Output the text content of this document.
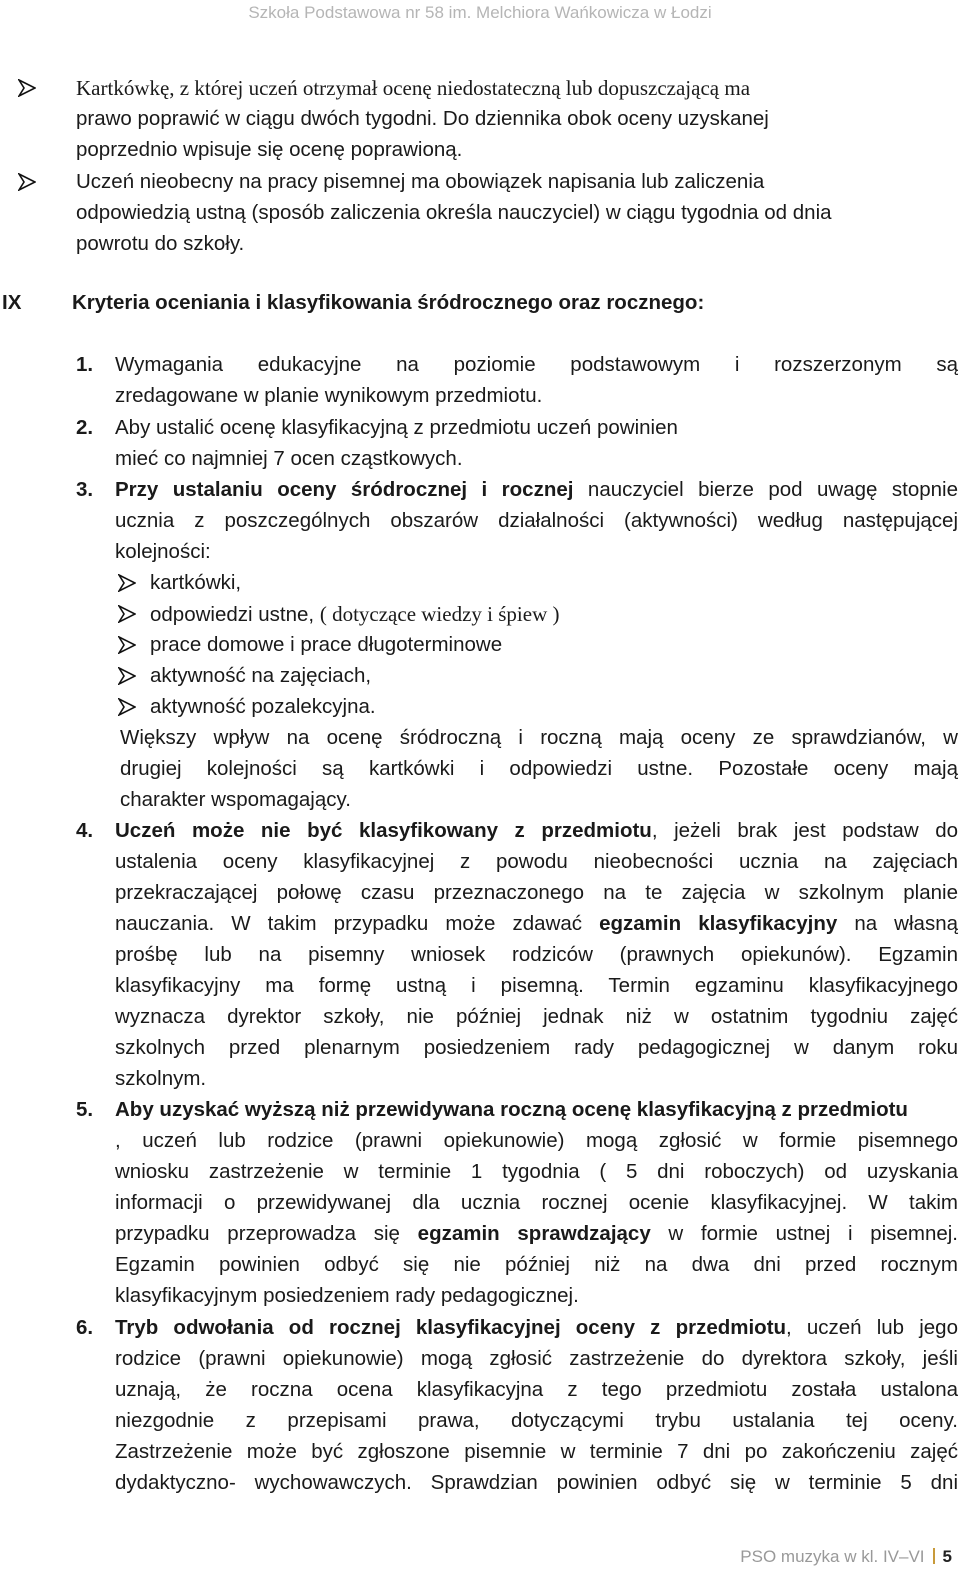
Szkoła Podstawowa nr 58 im. Melchiora Wańkowicza w Łodzi
Kartkówkę, z której uczeń otrzymał ocenę niedostateczną lub dopuszczającą ma
prawo poprawić w ciągu dwóch tygodni. Do dziennika obok oceny uzyskanej
poprzednio wpisuje się ocenę poprawioną.
Uczeń nieobecny na pracy pisemnej ma obowiązek napisania lub zaliczenia
odpowiedzią ustną (sposób zaliczenia określa nauczyciel) w ciągu tygodnia od dnia
powrotu do szkoły.
IX Kryteria oceniania i klasyfikowania śródrocznego oraz rocznego:
1. Wymagania edukacyjne na poziomie podstawowym i rozszerzonym są
zredagowane w planie wynikowym przedmiotu.
2. Aby ustalić ocenę klasyfikacyjną z przedmiotu uczeń powinien
mieć co najmniej 7 ocen cząstkowych.
3. Przy ustalaniu oceny śródrocznej i rocznej nauczyciel bierze pod uwagę stopnie
ucznia z poszczególnych obszarów działalności (aktywności) według następującej
kolejności:
kartkówki,
odpowiedzi ustne, ( dotyczące wiedzy i śpiew )
prace domowe i prace długoterminowe
aktywność na zajęciach,
aktywność pozalekcyjna.
Większy wpływ na ocenę śródroczną i roczną mają oceny ze sprawdzianów, w
drugiej kolejności są kartkówki i odpowiedzi ustne. Pozostałe oceny mają
charakter wspomagający.
4. Uczeń może nie być klasyfikowany z przedmiotu, jeżeli brak jest podstaw do
ustalenia oceny klasyfikacyjnej z powodu nieobecności ucznia na zajęciach
przekraczającej połowę czasu przeznaczonego na te zajęcia w szkolnym planie
nauczania. W takim przypadku może zdawać egzamin klasyfikacyjny na własną
prośbę lub na pisemny wniosek rodziców (prawnych opiekunów). Egzamin
klasyfikacyjny ma formę ustną i pisemną. Termin egzaminu klasyfikacyjnego
wyznacza dyrektor szkoły, nie później jednak niż w ostatnim tygodniu zajęć
szkolnych przed plenarnym posiedzeniem rady pedagogicznej w danym roku
szkolnym.
5. Aby uzyskać wyższą niż przewidywana roczną ocenę klasyfikacyjną z przedmiotu
, uczeń lub rodzice (prawni opiekunowie) mogą zgłosić w formie pisemnego
wniosku zastrzeżenie w terminie 1 tygodnia ( 5 dni roboczych) od uzyskania
informacji o przewidywanej dla ucznia rocznej ocenie klasyfikacyjnej. W takim
przypadku przeprowadza się egzamin sprawdzający w formie ustnej i pisemnej.
Egzamin powinien odbyć się nie później niż na dwa dni przed rocznym
klasyfikacyjnym posiedzeniem rady pedagogicznej.
6. Tryb odwołania od rocznej klasyfikacyjnej oceny z przedmiotu, uczeń lub jego
rodzice (prawni opiekunowie) mogą zgłosić zastrzeżenie do dyrektora szkoły, jeśli
uznają, że roczna ocena klasyfikacyjna z tego przedmiotu została ustalona
niezgodnie z przepisami prawa, dotyczącymi trybu ustalania tej oceny.
Zastrzeżenie może być zgłoszone pisemnie w terminie 7 dni po zakończeniu zajęć
dydaktyczno- wychowawczych. Sprawdzian powinien odbyć się w terminie 5 dni
PSO muzyka w kl. IV–VI 5
